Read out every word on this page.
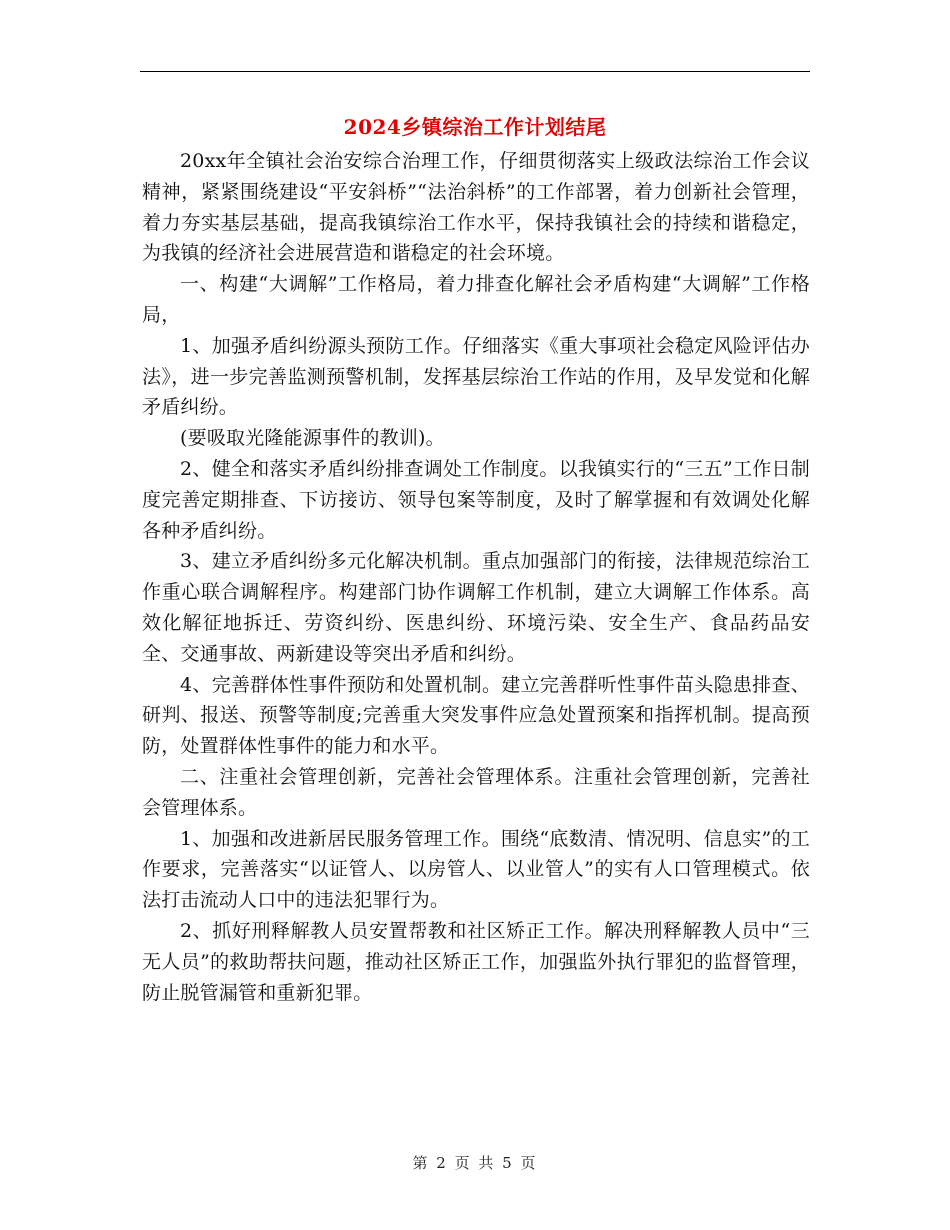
2024乡镇综治工作计划结尾

20xx年全镇社会治安综合治理工作，仔细贯彻落实上级政法综治工作会议精神，紧紧围绕建设“平安斜桥”“法治斜桥”的工作部署，着力创新社会管理，着力夯实基层基础，提高我镇综治工作水平，保持我镇社会的持续和谐稳定，为我镇的经济社会进展营造和谐稳定的社会环境。

一、构建“大调解”工作格局，着力排查化解社会矛盾构建“大调解”工作格局，

1、加强矛盾纠纷源头预防工作。仔细落实《重大事项社会稳定风险评估办法》，进一步完善监测预警机制，发挥基层综治工作站的作用，及早发觉和化解矛盾纠纷。

(要吸取光隆能源事件的教训)。

2、健全和落实矛盾纠纷排查调处工作制度。以我镇实行的“三五”工作日制度完善定期排查、下访接访、领导包案等制度，及时了解掌握和有效调处化解各种矛盾纠纷。

3、建立矛盾纠纷多元化解决机制。重点加强部门的衔接，法律规范综治工作重心联合调解程序。构建部门协作调解工作机制，建立大调解工作体系。高效化解征地拆迁、劳资纠纷、医患纠纷、环境污染、安全生产、食品药品安全、交通事故、两新建设等突出矛盾和纠纷。

4、完善群体性事件预防和处置机制。建立完善群听性事件苗头隐患排查、研判、报送、预警等制度;完善重大突发事件应急处置预案和指挥机制。提高预防，处置群体性事件的能力和水平。

二、注重社会管理创新，完善社会管理体系。注重社会管理创新，完善社会管理体系。

1、加强和改进新居民服务管理工作。围绕“底数清、情况明、信息实”的工作要求，完善落实“以证管人、以房管人、以业管人”的实有人口管理模式。依法打击流动人口中的违法犯罪行为。

2、抓好刑释解教人员安置帮教和社区矫正工作。解决刑释解教人员中“三无人员”的救助帮扶问题，推动社区矫正工作，加强监外执行罪犯的监督管理，防止脱管漏管和重新犯罪。

第 2 页 共 5 页
